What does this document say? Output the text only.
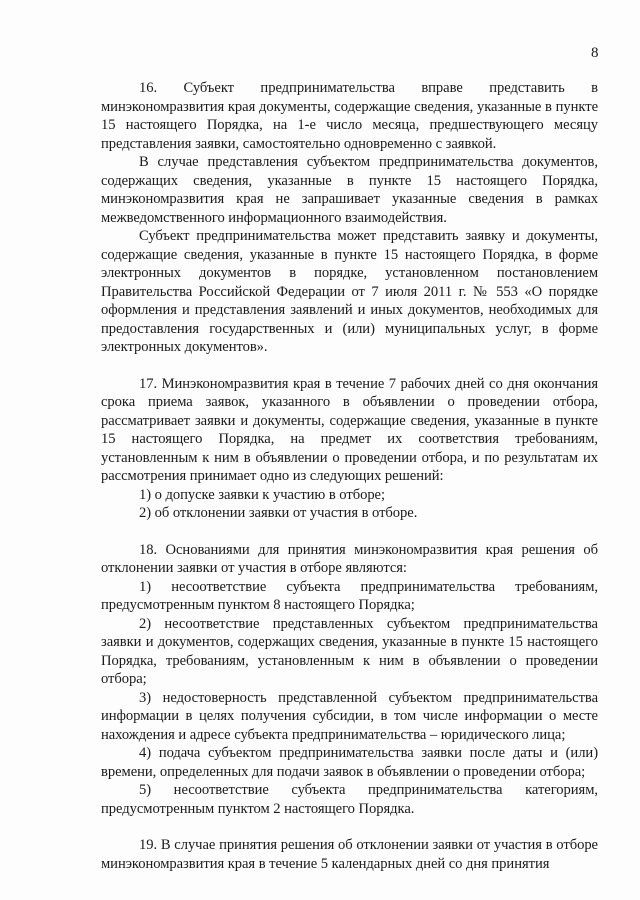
8

16. Субъект предпринимательства вправе представить в минэкономразвития края документы, содержащие сведения, указанные в пункте 15 настоящего Порядка, на 1-е число месяца, предшествующего месяцу представления заявки, самостоятельно одновременно с заявкой.

В случае представления субъектом предпринимательства документов, содержащих сведения, указанные в пункте 15 настоящего Порядка, минэкономразвития края не запрашивает указанные сведения в рамках межведомственного информационного взаимодействия.

Субъект предпринимательства может представить заявку и документы, содержащие сведения, указанные в пункте 15 настоящего Порядка, в форме электронных документов в порядке, установленном постановлением Правительства Российской Федерации от 7 июля 2011 г. № 553 «О порядке оформления и представления заявлений и иных документов, необходимых для предоставления государственных и (или) муниципальных услуг, в форме электронных документов».

17. Минэкономразвития края в течение 7 рабочих дней со дня окончания срока приема заявок, указанного в объявлении о проведении отбора, рассматривает заявки и документы, содержащие сведения, указанные в пункте 15 настоящего Порядка, на предмет их соответствия требованиям, установленным к ним в объявлении о проведении отбора, и по результатам их рассмотрения принимает одно из следующих решений:

1) о допуске заявки к участию в отборе;

2) об отклонении заявки от участия в отборе.

18. Основаниями для принятия минэкономразвития края решения об отклонении заявки от участия в отборе являются:

1) несоответствие субъекта предпринимательства требованиям, предусмотренным пунктом 8 настоящего Порядка;

2) несоответствие представленных субъектом предпринимательства заявки и документов, содержащих сведения, указанные в пункте 15 настоящего Порядка, требованиям, установленным к ним в объявлении о проведении отбора;

3) недостоверность представленной субъектом предпринимательства информации в целях получения субсидии, в том числе информации о месте нахождения и адресе субъекта предпринимательства – юридического лица;

4) подача субъектом предпринимательства заявки после даты и (или) времени, определенных для подачи заявок в объявлении о проведении отбора;

5) несоответствие субъекта предпринимательства категориям, предусмотренным пунктом 2 настоящего Порядка.

19. В случае принятия решения об отклонении заявки от участия в отборе минэкономразвития края в течение 5 календарных дней со дня принятия
